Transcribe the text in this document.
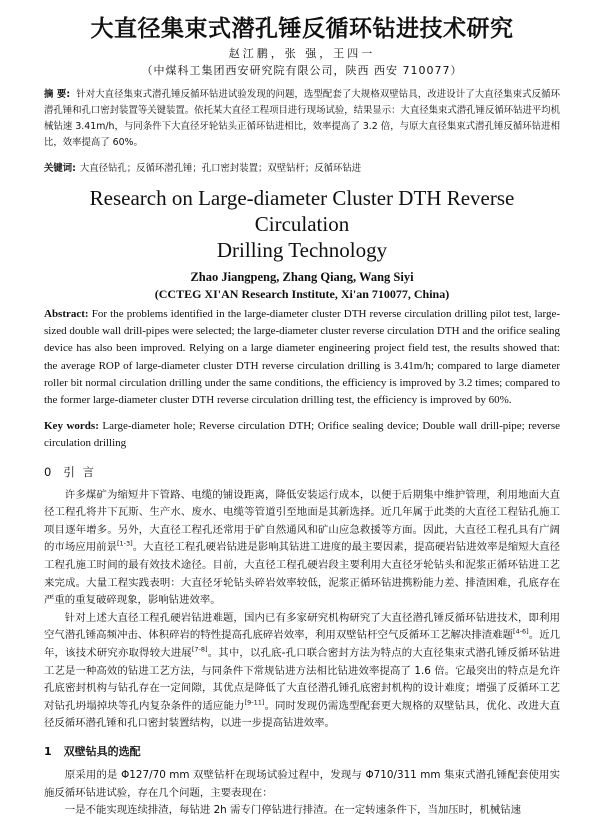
大直径集束式潜孔锤反循环钻进技术研究
赵江鹏，张 强，王四一
（中煤科工集团西安研究院有限公司，陕西 西安 710077）
摘 要: 针对大直径集束式潜孔锤反循环钻进试验发现的问题，选型配套了大规格双壁钻具，改进设计了大直径集束式反循环潜孔锤和孔口密封装置等关键装置。依托某大直径工程项目进行现场试验，结果显示：大直径集束式潜孔锤反循环钻进平均机械钻速 3.41m/h，与同条件下大直径牙轮钻头正循环钻进相比，效率提高了 3.2 倍，与原大直径集束式潜孔锤反循环钻进相比，效率提高了 60%。
关键词: 大直径钻孔；反循环潜孔锤；孔口密封装置；双壁钻杆；反循环钻进
Research on Large-diameter Cluster DTH Reverse Circulation
Drilling Technology
Zhao Jiangpeng, Zhang Qiang, Wang Siyi
(CCTEG XI'AN Research Institute, Xi'an 710077, China)
Abstract: For the problems identified in the large-diameter cluster DTH reverse circulation drilling pilot test, large-sized double wall drill-pipes were selected; the large-diameter cluster reverse circulation DTH and the orifice sealing device has also been improved. Relying on a large diameter engineering project field test, the results showed that: the average ROP of large-diameter cluster DTH reverse circulation drilling is 3.41m/h; compared to large diameter roller bit normal circulation drilling under the same conditions, the efficiency is improved by 3.2 times; compared to the former large-diameter cluster DTH reverse circulation drilling test, the efficiency is improved by 60%.
Key words: Large-diameter hole; Reverse circulation DTH; Orifice sealing device; Double wall drill-pipe; reverse circulation drilling
0 引 言

许多煤矿为缩短井下管路、电缆的铺设距离，降低安装运行成本，以便于后期集中维护管理，利用地面大直径工程孔将井下瓦斯、生产水、废水、电缆等管道引至地面是其新选择。近几年属于此类的大直径工程钻孔施工项目逐年增多。另外，大直径工程孔还常用于矿自然通风和矿山应急救援等方面。因此，大直径工程孔具有广阔的市场应用前景[1-3]。大直径工程孔硬岩钻进是影响其钻进工进度的最主要因素，提高硬岩钻进效率是缩短大直径工程孔施工时间的最有效技术途径。目前，大直径工程孔硬岩段主要利用大直径牙轮钻头和泥浆正循环钻进工艺来完成。大量工程实践表明：大直径牙轮钻头碎岩效率较低，泥浆正循环钻进携粉能力差、排渣困难，孔底存在严重的重复破碎现象，影响钻进效率。

针对上述大直径工程孔硬岩钻进难题，国内已有多家研究机构研究了大直径潜孔锤反循环钻进技术，即利用空气潜孔锤高频冲击、体积碎岩的特性提高孔底碎岩效率，利用双壁钻杆空气反循环工艺解决排渣难题[4-6]。近几年，该技术研究亦取得较大进展[7-8]。其中，以孔底-孔口联合密封方法为特点的大直径集束式潜孔锤反循环钻进工艺是一种高效的钻进工艺方法，与同条件下常规钻进方法相比钻进效率提高了 1.6 倍。它最突出的特点是允许孔底密封机构与钻孔存在一定间隙，其优点是降低了大直径潜孔锤孔底密封机构的设计难度；增强了反循环工艺对钻孔坍塌掉块等孔内复杂条件的适应能力[9-11]。同时发现仍需选型配套更大规格的双壁钻具，优化、改进大直径反循环潜孔锤和孔口密封装置结构，以进一步提高钻进效率。

1 双壁钻具的选配

原采用的是 Φ127/70 mm 双壁钻杆在现场试验过程中，发现与 Φ710/311 mm 集束式潜孔锤配套使用实施反循环钻进试验，存在几个问题，主要表现在：

一是不能实现连续排渣，每钻进 2h 需专门停钻进行排渣。在一定转速条件下，当加压时，机械钻速
